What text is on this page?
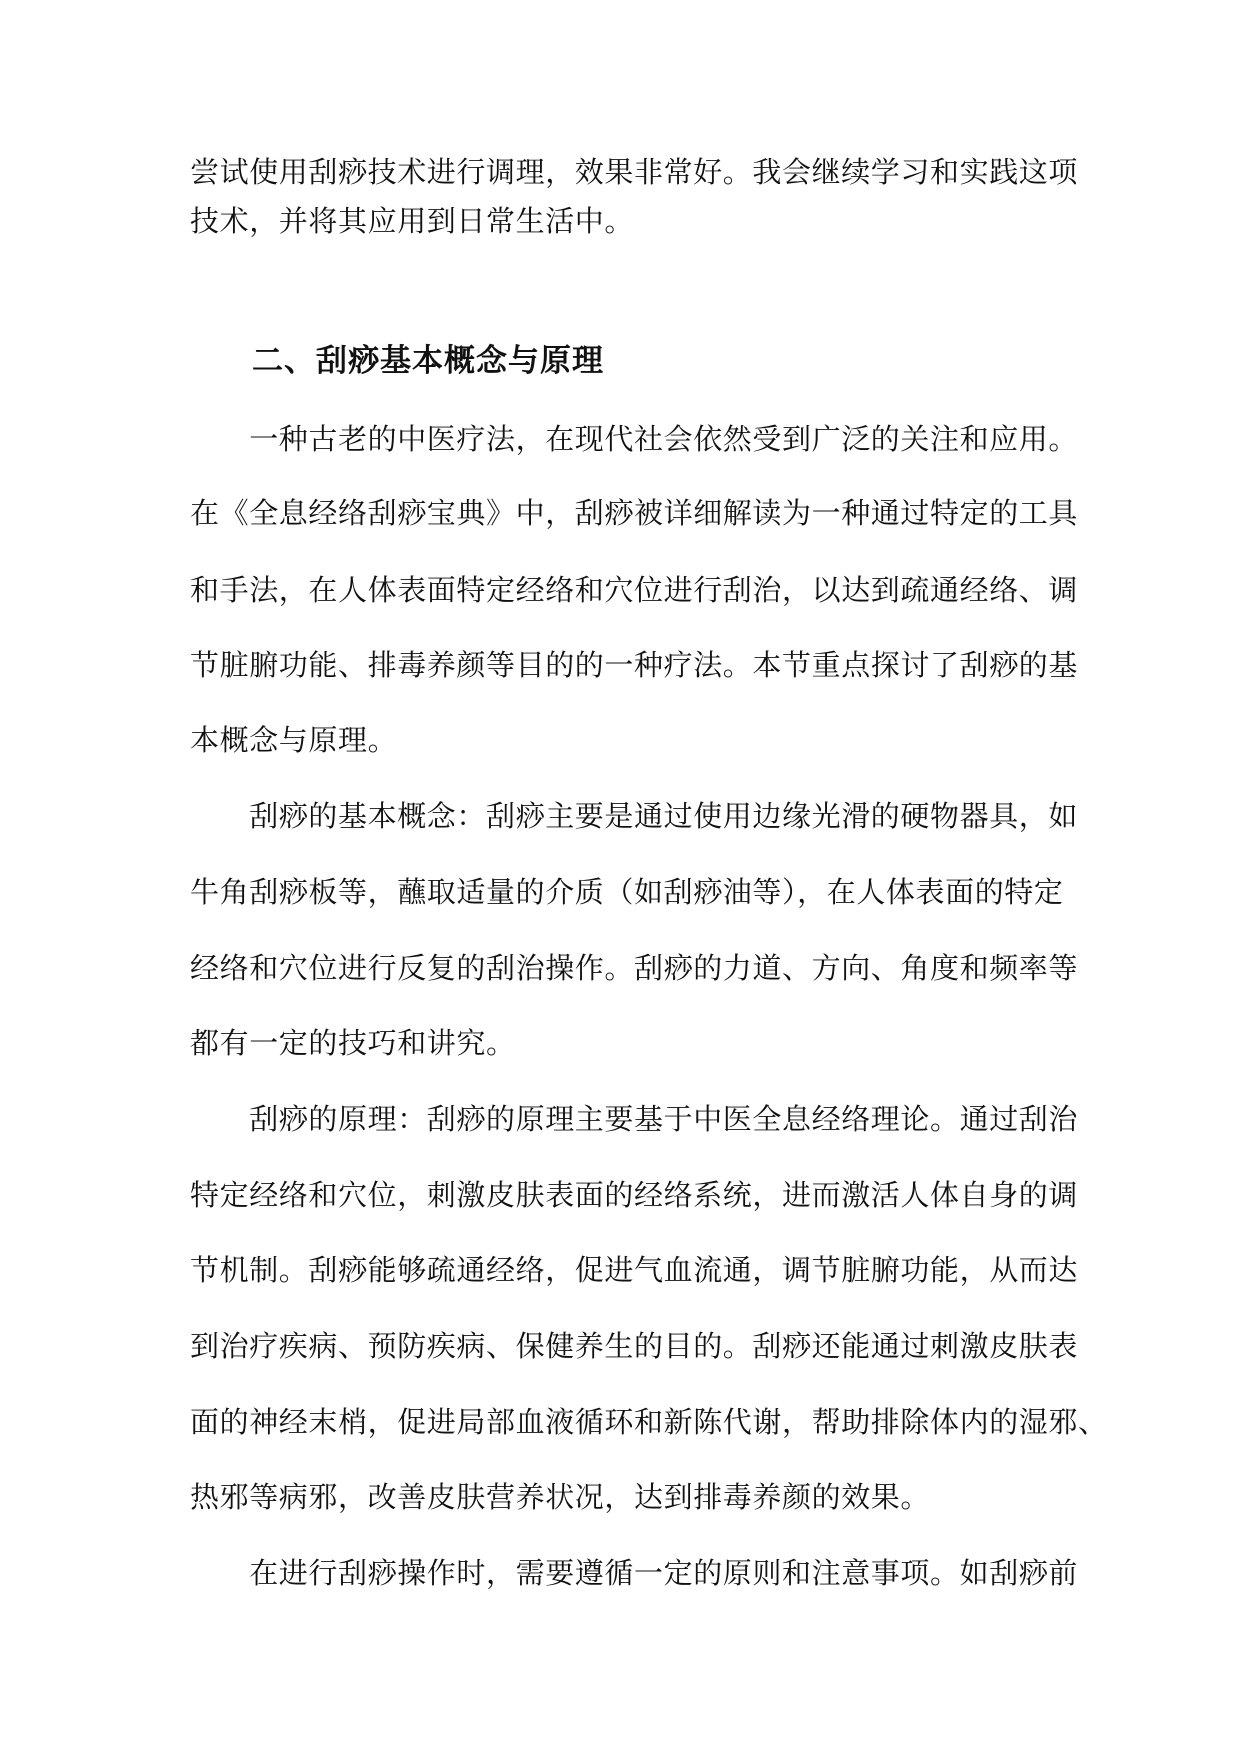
尝试使用刮痧技术进行调理，效果非常好。我会继续学习和实践这项
技术，并将其应用到日常生活中。
二、刮痧基本概念与原理
　　一种古老的中医疗法，在现代社会依然受到广泛的关注和应用。
在《全息经络刮痧宝典》中，刮痧被详细解读为一种通过特定的工具
和手法，在人体表面特定经络和穴位进行刮治，以达到疏通经络、调
节脏腑功能、排毒养颜等目的的一种疗法。本节重点探讨了刮痧的基
本概念与原理。
　　刮痧的基本概念：刮痧主要是通过使用边缘光滑的硬物器具，如
牛角刮痧板等，蘸取适量的介质（如刮痧油等），在人体表面的特定
经络和穴位进行反复的刮治操作。刮痧的力道、方向、角度和频率等
都有一定的技巧和讲究。
　　刮痧的原理：刮痧的原理主要基于中医全息经络理论。通过刮治
特定经络和穴位，刺激皮肤表面的经络系统，进而激活人体自身的调
节机制。刮痧能够疏通经络，促进气血流通，调节脏腑功能，从而达
到治疗疾病、预防疾病、保健养生的目的。刮痧还能通过刺激皮肤表
面的神经末梢，促进局部血液循环和新陈代谢，帮助排除体内的湿邪、
热邪等病邪，改善皮肤营养状况，达到排毒养颜的效果。
　　在进行刮痧操作时，需要遵循一定的原则和注意事项。如刮痧前
